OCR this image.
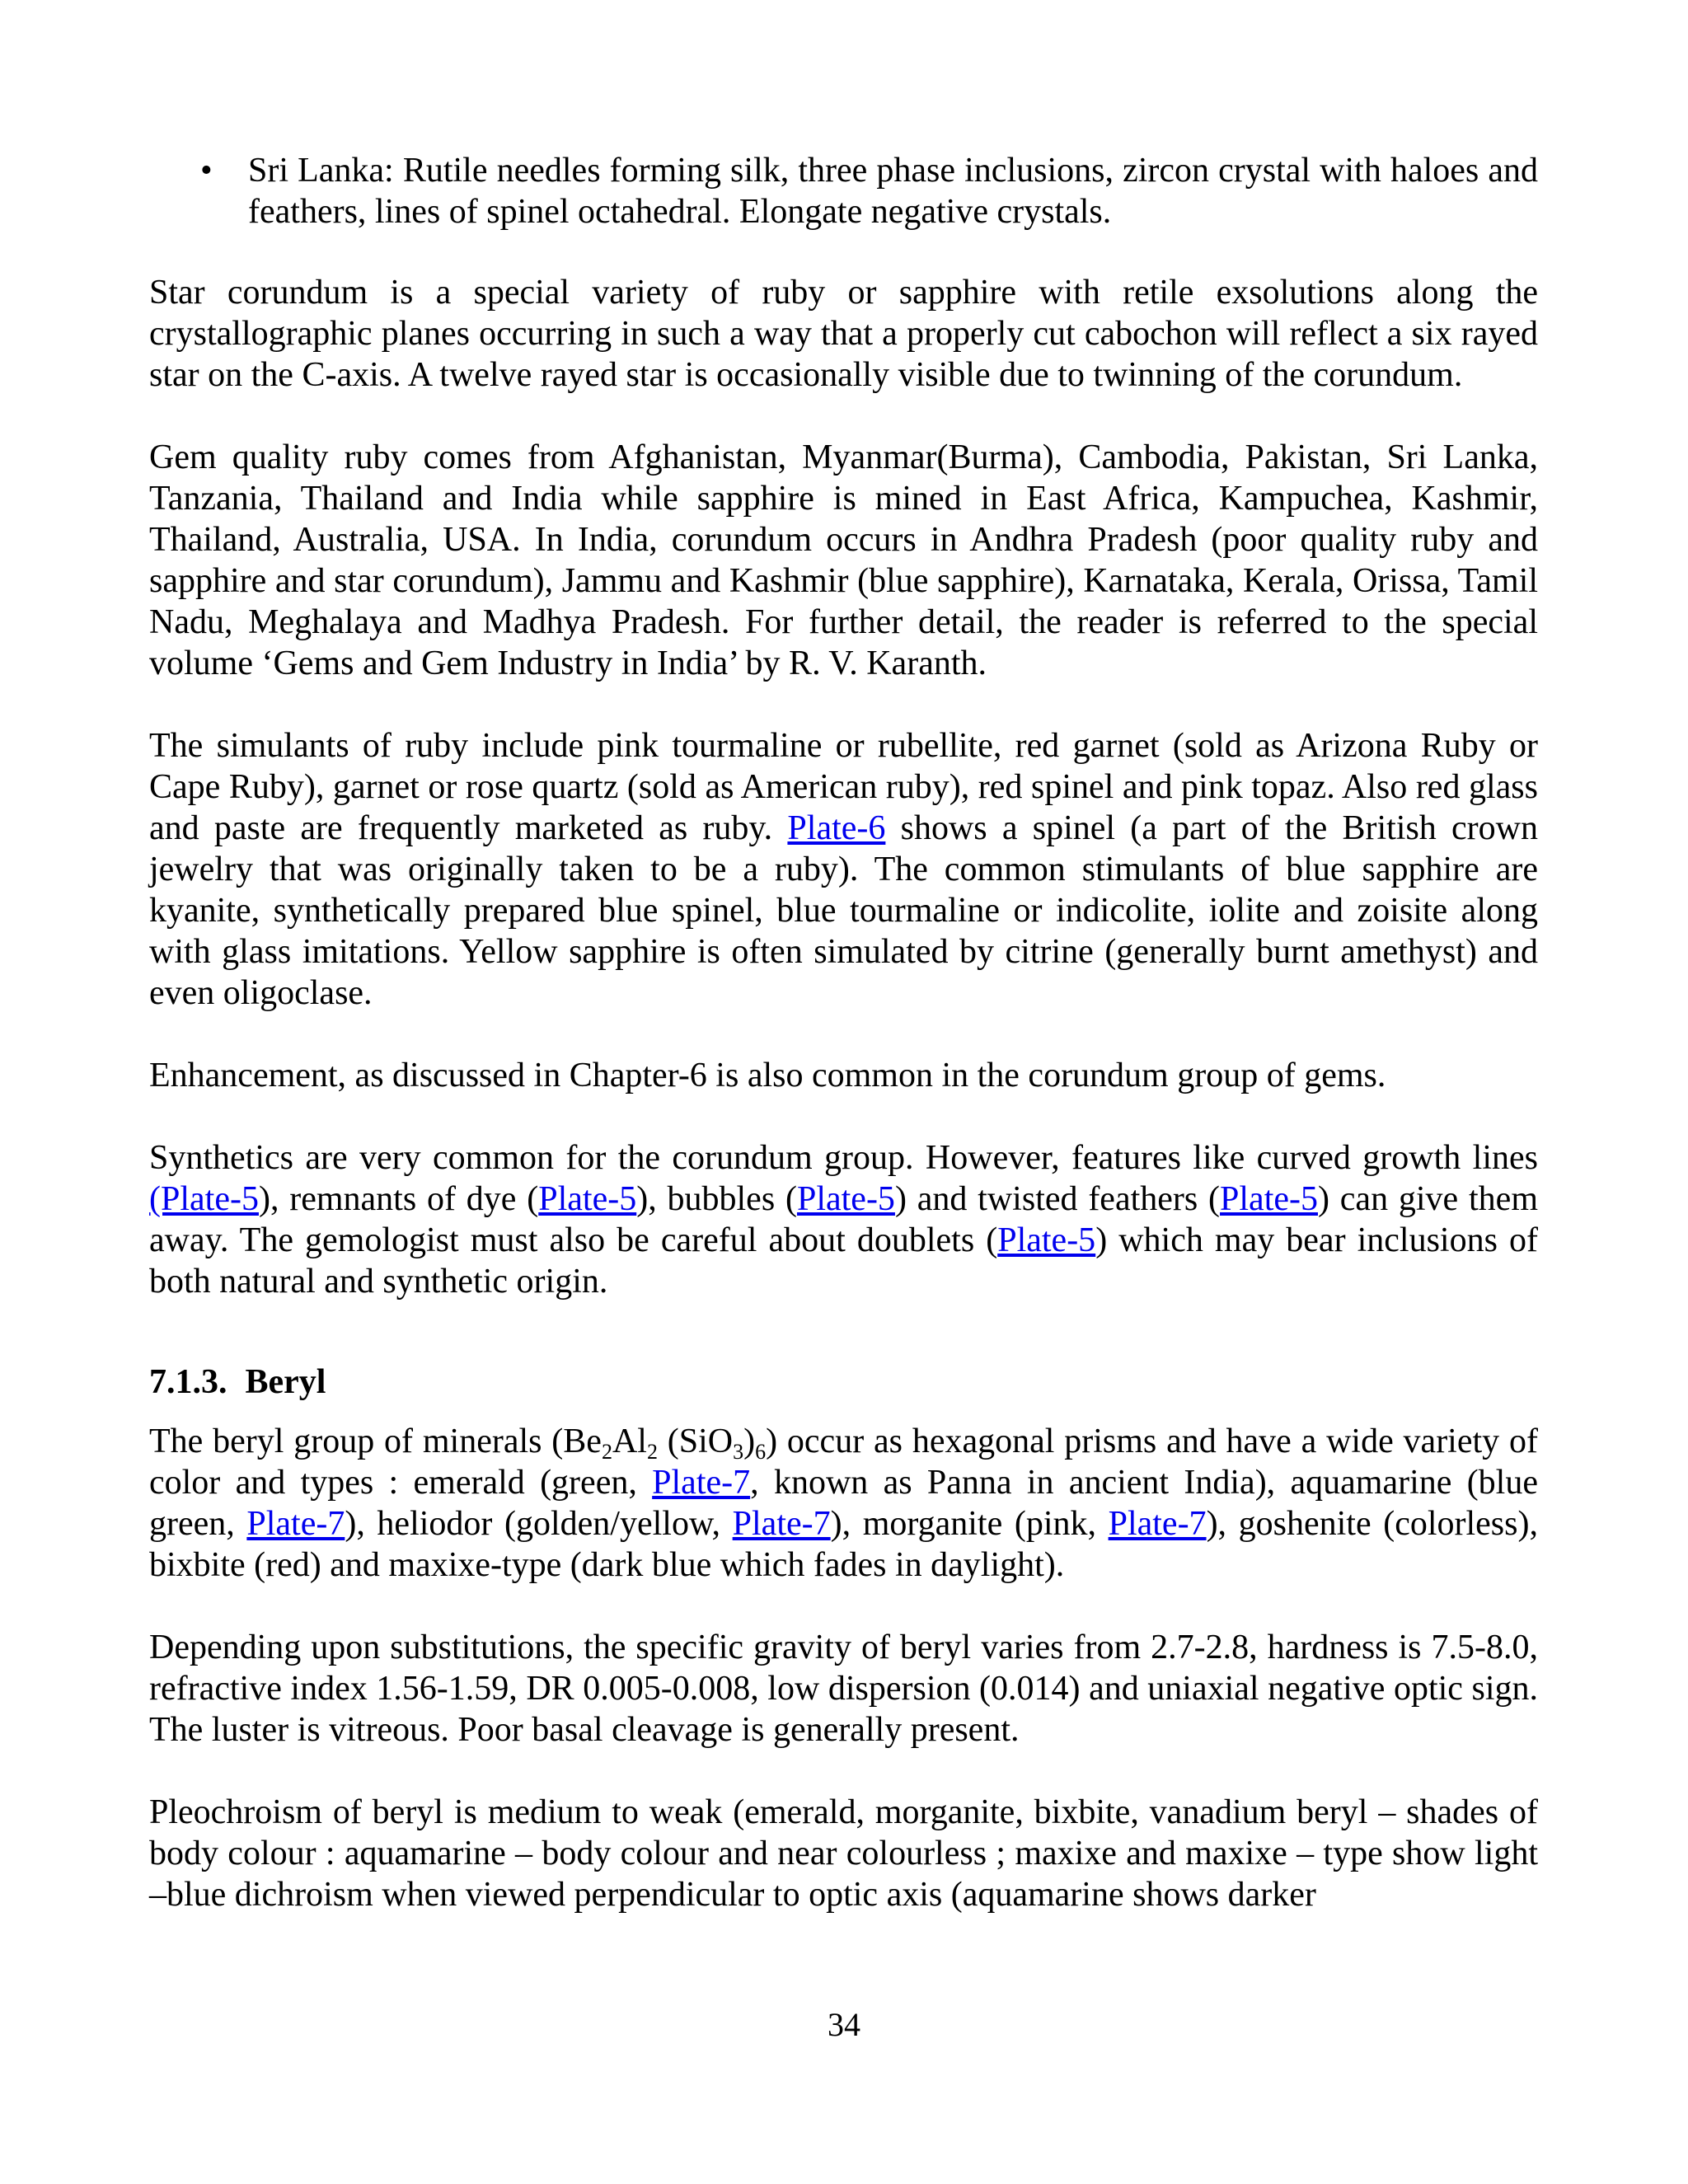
• Sri Lanka: Rutile needles forming silk, three phase inclusions, zircon crystal with haloes and feathers, lines of spinel octahedral. Elongate negative crystals.

Star corundum is a special variety of ruby or sapphire with retile exsolutions along the crystallographic planes occurring in such a way that a properly cut cabochon will reflect a six rayed star on the C-axis. A twelve rayed star is occasionally visible due to twinning of the corundum.

Gem quality ruby comes from Afghanistan, Myanmar(Burma), Cambodia, Pakistan, Sri Lanka, Tanzania, Thailand and India while sapphire is mined in East Africa, Kampuchea, Kashmir, Thailand, Australia, USA. In India, corundum occurs in Andhra Pradesh (poor quality ruby and sapphire and star corundum), Jammu and Kashmir (blue sapphire), Karnataka, Kerala, Orissa, Tamil Nadu, Meghalaya and Madhya Pradesh. For further detail, the reader is referred to the special volume ‘Gems and Gem Industry in India’ by R. V. Karanth.

The simulants of ruby include pink tourmaline or rubellite, red garnet (sold as Arizona Ruby or Cape Ruby), garnet or rose quartz (sold as American ruby), red spinel and pink topaz. Also red glass and paste are frequently marketed as ruby. Plate-6 shows a spinel (a part of the British crown jewelry that was originally taken to be a ruby). The common stimulants of blue sapphire are kyanite, synthetically prepared blue spinel, blue tourmaline or indicolite, iolite and zoisite along with glass imitations. Yellow sapphire is often simulated by citrine (generally burnt amethyst) and even oligoclase.

Enhancement, as discussed in Chapter-6 is also common in the corundum group of gems.

Synthetics are very common for the corundum group. However, features like curved growth lines (Plate-5), remnants of dye (Plate-5), bubbles (Plate-5) and twisted feathers (Plate-5) can give them away. The gemologist must also be careful about doublets (Plate-5) which may bear inclusions of both natural and synthetic origin.

7.1.3. Beryl

The beryl group of minerals ($Be_2Al_2$ $(SiO_3)_6$) occur as hexagonal prisms and have a wide variety of color and types : emerald (green, Plate-7, known as Panna in ancient India), aquamarine (blue green, Plate-7), heliodor (golden/yellow, Plate-7), morganite (pink, Plate-7), goshenite (colorless), bixbite (red) and maxixe-type (dark blue which fades in daylight).

Depending upon substitutions, the specific gravity of beryl varies from 2.7-2.8, hardness is 7.5-8.0, refractive index 1.56-1.59, DR 0.005-0.008, low dispersion (0.014) and uniaxial negative optic sign. The luster is vitreous. Poor basal cleavage is generally present.

Pleochroism of beryl is medium to weak (emerald, morganite, bixbite, vanadium beryl – shades of body colour : aquamarine – body colour and near colourless ; maxixe and maxixe – type show light –blue dichroism when viewed perpendicular to optic axis (aquamarine shows darker

34
